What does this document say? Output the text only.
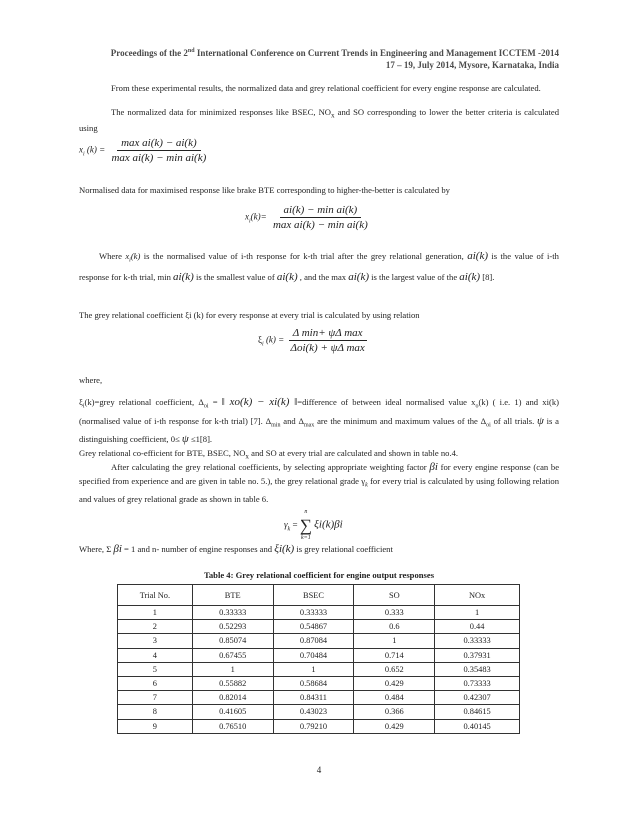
Proceedings of the 2nd International Conference on Current Trends in Engineering and Management ICCTEM -2014
17 – 19, July 2014, Mysore, Karnataka, India
From these experimental results, the normalized data and grey relational coefficient for every engine response are calculated.
The normalized data for minimized responses like BSEC, $NO_x$ and SO corresponding to lower the better criteria is calculated using
$x_i$ $(k) = \frac{\text{max ai(k) − ai(k)}}{\text{max ai(k) − min ai(k)}}$
Normalised data for maximised response like brake BTE corresponding to higher-the-better is calculated by
$x_i(k)= \frac{\text{ai(k) − min ai(k)}}{\text{max ai(k) − min ai(k)}}$
Where $x_i(k)$ is the normalised value of i-th response for k-th trial after the grey relational generation, ai(k) is the value of i-th response for k-th trial, min ai(k) is the smallest value of ai(k) , and the max ai(k) is the largest value of the ai(k) [8].
The grey relational coefficient ξi (k) for every response at every trial is calculated by using relation
$\xi_i$ $(k) = \frac{\text{Δ min+ ψΔ max}}{\text{Δoi(k) + ψΔ max}}$
where,
$\xi_i(k)=grey$ relational coefficient, $\Delta_{oi}$ = ‖ xo(k) − xi(k) ‖=difference of between ideal normalised value $x_o(k)$ ( i.e. 1) and xi(k) (normalised value of i-th response for k-th trial) [7]. $\Delta_{min}$ and $\Delta_{max}$ are the minimum and maximum values of the $\Delta_{oi}$ of all trials. ψ is a distinguishing coefficient, 0≤ ψ ≤1[8].
Grey relational co-efficient for BTE, BSEC, $NO_x$ and SO at every trial are calculated and shown in table no.4.
After calculating the grey relational coefficients, by selecting appropriate weighting factor βi for every engine response (can be specified from experience and are given in table no. 5.), the grey relational grade $\gamma_k$ for every trial is calculated by using following relation and values of grey relational grade as shown in table 6.
$\gamma_k$ =
n
∑
k=1
ξi(k)βi
Where, Σ βi = 1 and n- number of engine responses and ξi(k) is grey relational coefficient
Table 4: Grey relational coefficient for engine output responses
Trial No.	BTE	BSEC	SO	NOx
1	0.33333	0.33333	0.333	1
2	0.52293	0.54867	0.6	0.44
3	0.85074	0.87084	1	0.33333
4	0.67455	0.70484	0.714	0.37931
5	1	1	0.652	0.35483
6	0.55882	0.58684	0.429	0.73333
7	0.82014	0.84311	0.484	0.42307
8	0.41605	0.43023	0.366	0.84615
9	0.76510	0.79210	0.429	0.40145
4
